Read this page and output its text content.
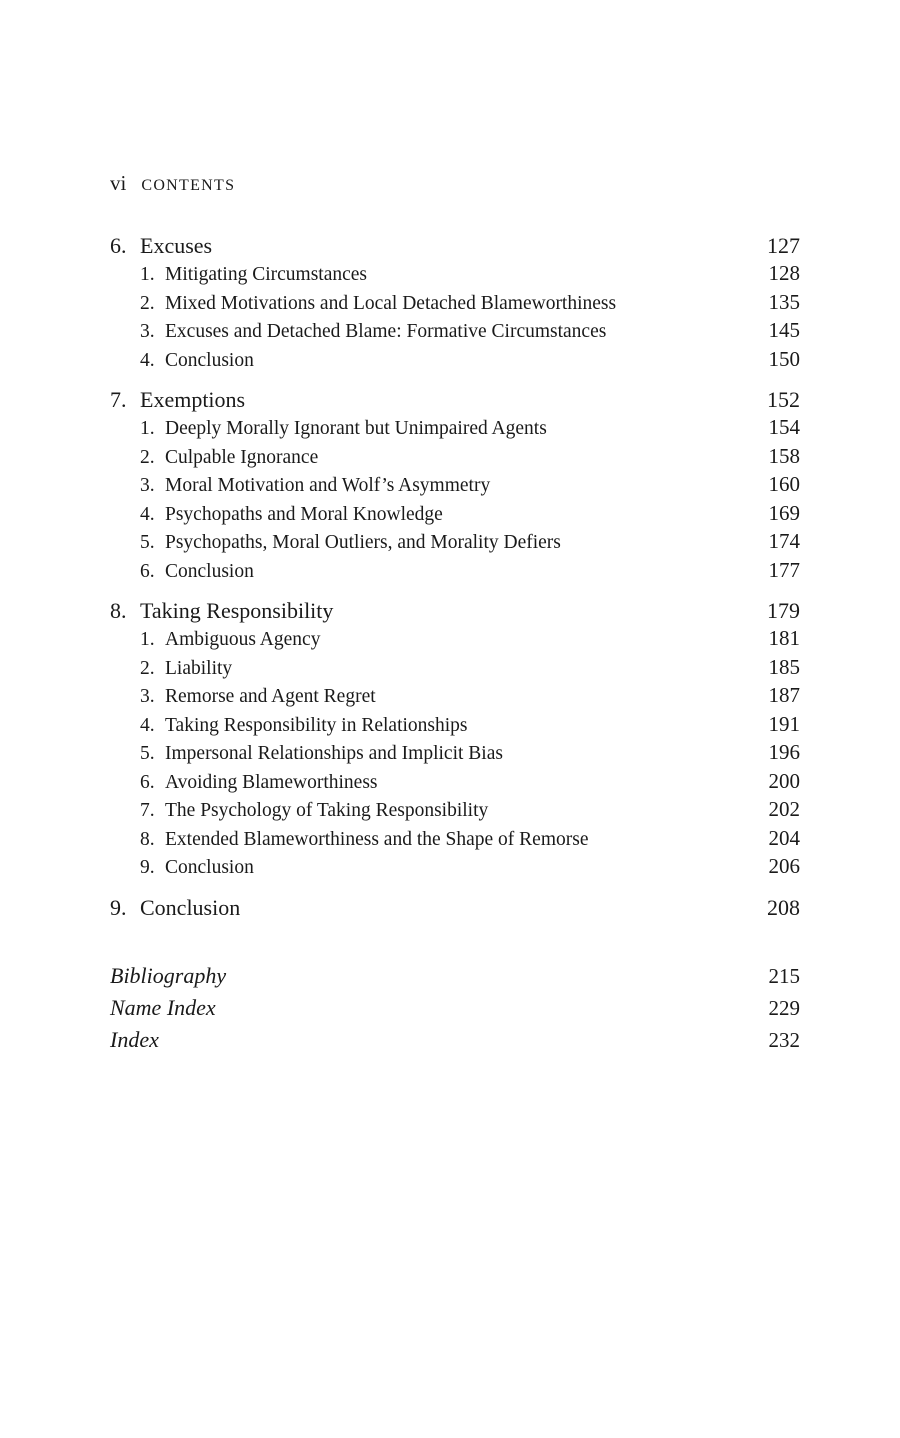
vi CONTENTS
6. Excuses	127
1. Mitigating Circumstances	128
2. Mixed Motivations and Local Detached Blameworthiness	135
3. Excuses and Detached Blame: Formative Circumstances	145
4. Conclusion	150
7. Exemptions	152
1. Deeply Morally Ignorant but Unimpaired Agents	154
2. Culpable Ignorance	158
3. Moral Motivation and Wolf’s Asymmetry	160
4. Psychopaths and Moral Knowledge	169
5. Psychopaths, Moral Outliers, and Morality Defiers	174
6. Conclusion	177
8. Taking Responsibility	179
1. Ambiguous Agency	181
2. Liability	185
3. Remorse and Agent Regret	187
4. Taking Responsibility in Relationships	191
5. Impersonal Relationships and Implicit Bias	196
6. Avoiding Blameworthiness	200
7. The Psychology of Taking Responsibility	202
8. Extended Blameworthiness and the Shape of Remorse	204
9. Conclusion	206
9. Conclusion	208
Bibliography	215
Name Index	229
Index	232
